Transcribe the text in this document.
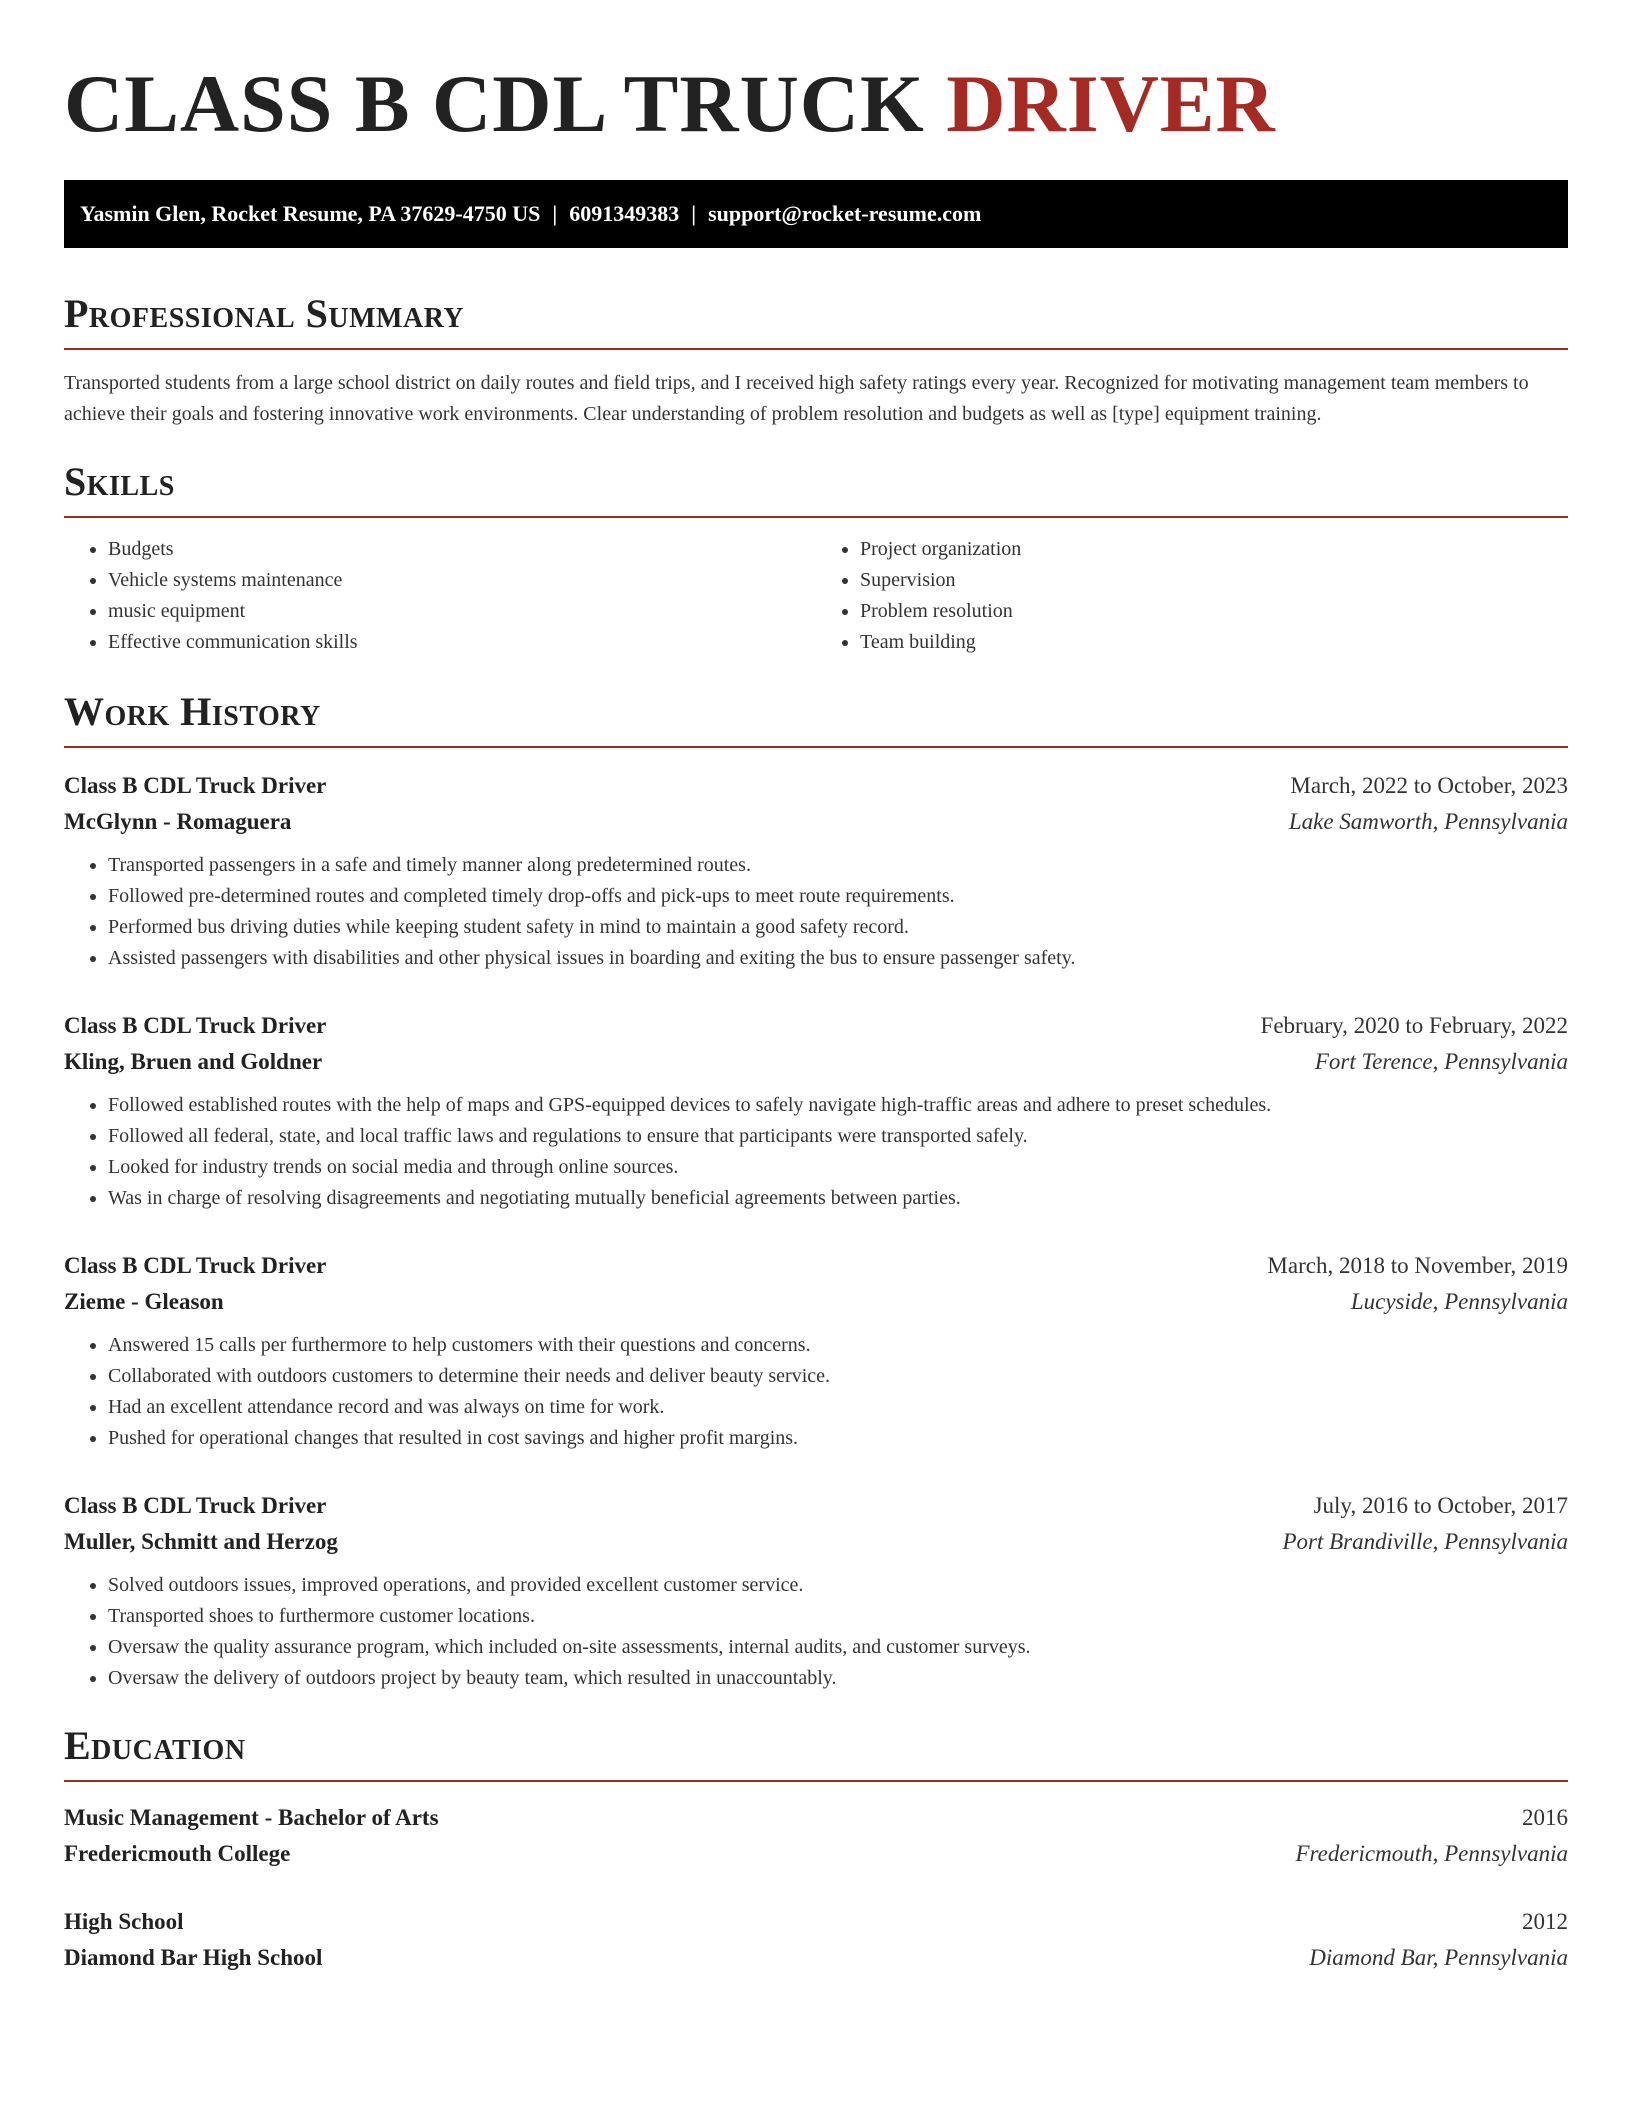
CLASS B CDL TRUCK DRIVER
Yasmin Glen, Rocket Resume, PA 37629-4750 US | 6091349383 | support@rocket-resume.com
Professional Summary

Transported students from a large school district on daily routes and field trips, and I received high safety ratings every year. Recognized for motivating management team members to achieve their goals and fostering innovative work environments. Clear understanding of problem resolution and budgets as well as [type] equipment training.

Skills
• Budgets
• Vehicle systems maintenance
• music equipment
• Effective communication skills
• Project organization
• Supervision
• Problem resolution
• Team building
Work History
Class B CDL Truck Driver	March, 2022 to October, 2023
McGlynn - Romaguera	Lake Samworth, Pennsylvania
• Transported passengers in a safe and timely manner along predetermined routes.
• Followed pre-determined routes and completed timely drop-offs and pick-ups to meet route requirements.
• Performed bus driving duties while keeping student safety in mind to maintain a good safety record.
• Assisted passengers with disabilities and other physical issues in boarding and exiting the bus to ensure passenger safety.
Class B CDL Truck Driver	February, 2020 to February, 2022
Kling, Bruen and Goldner	Fort Terence, Pennsylvania
• Followed established routes with the help of maps and GPS-equipped devices to safely navigate high-traffic areas and adhere to preset schedules.
• Followed all federal, state, and local traffic laws and regulations to ensure that participants were transported safely.
• Looked for industry trends on social media and through online sources.
• Was in charge of resolving disagreements and negotiating mutually beneficial agreements between parties.
Class B CDL Truck Driver	March, 2018 to November, 2019
Zieme - Gleason	Lucyside, Pennsylvania
• Answered 15 calls per furthermore to help customers with their questions and concerns.
• Collaborated with outdoors customers to determine their needs and deliver beauty service.
• Had an excellent attendance record and was always on time for work.
• Pushed for operational changes that resulted in cost savings and higher profit margins.
Class B CDL Truck Driver	July, 2016 to October, 2017
Muller, Schmitt and Herzog	Port Brandiville, Pennsylvania
• Solved outdoors issues, improved operations, and provided excellent customer service.
• Transported shoes to furthermore customer locations.
• Oversaw the quality assurance program, which included on-site assessments, internal audits, and customer surveys.
• Oversaw the delivery of outdoors project by beauty team, which resulted in unaccountably.
Education
Music Management - Bachelor of Arts	2016
Fredericmouth College	Fredericmouth, Pennsylvania
High School	2012
Diamond Bar High School	Diamond Bar, Pennsylvania
